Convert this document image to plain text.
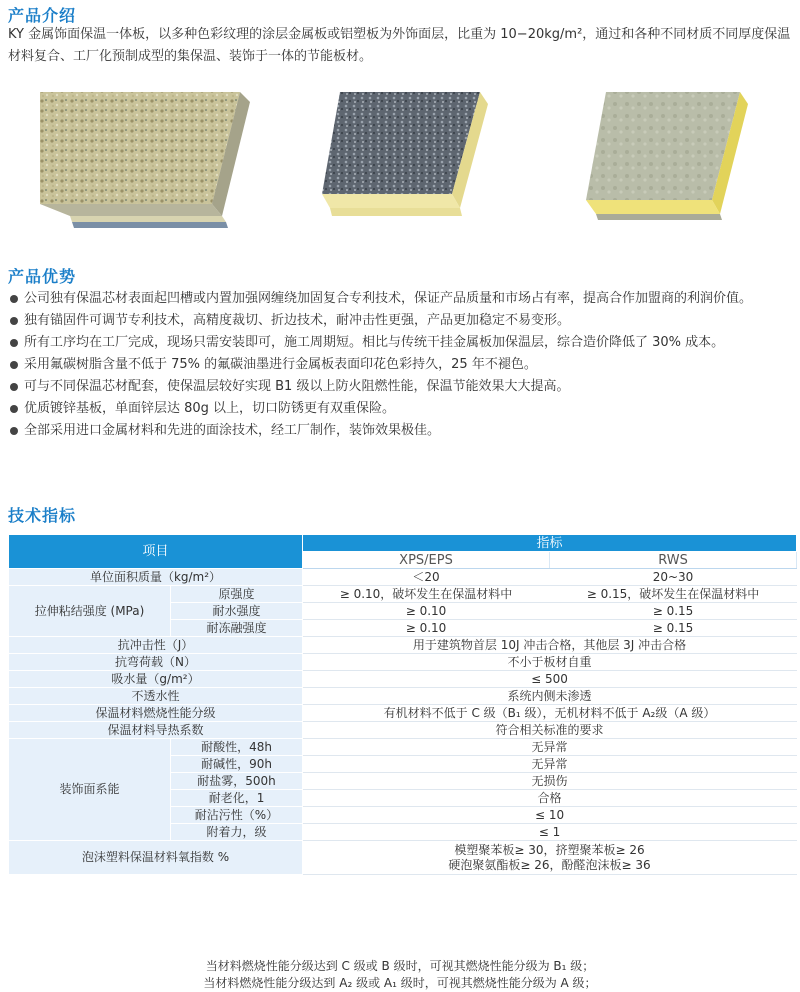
产品介绍

KY 金属饰面保温一体板，以多种色彩纹理的涂层金属板或铝塑板为外饰面层，比重为 10−20kg/m²，通过和各种不同材质不同厚度保温材料复合、工厂化预制成型的集保温、装饰于一体的节能板材。

产品优势
公司独有保温芯材表面起凹槽或内置加强网缠绕加固复合专利技术，保证产品质量和市场占有率，提高合作加盟商的利润价值。
独有锚固件可调节专利技术，高精度裁切、折边技术，耐冲击性更强，产品更加稳定不易变形。
所有工序均在工厂完成，现场只需安装即可，施工周期短。相比与传统干挂金属板加保温层，综合造价降低了 30% 成本。
采用氟碳树脂含量不低于 75% 的氟碳油墨进行金属板表面印花色彩持久，25 年不褪色。
可与不同保温芯材配套，使保温层较好实现 B1 级以上防火阻燃性能，保温节能效果大大提高。
优质镀锌基板，单面锌层达 80g 以上，切口防锈更有双重保险。
全部采用进口金属材料和先进的面涂技术，经工厂制作，装饰效果极佳。
技术指标
项目		指标	
		XPS/EPS	RWS
单位面积质量（kg/m²）		＜20	20~30
拉伸粘结强度 (MPa)	原强度	≥ 0.10，破坏发生在保温材料中	≥ 0.15，破坏发生在保温材料中
	耐水强度	≥ 0.10	≥ 0.15
	耐冻融强度	≥ 0.10	≥ 0.15
抗冲击性（J）		用于建筑物首层 10J 冲击合格，其他层 3J 冲击合格	
抗弯荷载（N）		不小于板材自重	
吸水量（g/m²）		≤ 500	
不透水性		系统内侧未渗透	
保温材料燃烧性能分级		有机材料不低于 C 级（B₁ 级），无机材料不低于 A₂级（A 级）	
保温材料导热系数		符合相关标准的要求	
装饰面系能	耐酸性，48h	无异常	
	耐碱性，90h	无异常	
	耐盐雾，500h	无损伤	
	耐老化，1	合格	
	耐沾污性（%）	≤ 10	
	附着力，级	≤ 1	
泡沫塑料保温材料氧指数 %		模塑聚苯板≥ 30，挤塑聚苯板≥ 26
硬泡聚氨酯板≥ 26，酚醛泡沫板≥ 36	
当材料燃烧性能分级达到 C 级或 B 级时，可视其燃烧性能分级为 B₁ 级；
当材料燃烧性能分级达到 A₂ 级或 A₁ 级时，可视其燃烧性能分级为 A 级；
